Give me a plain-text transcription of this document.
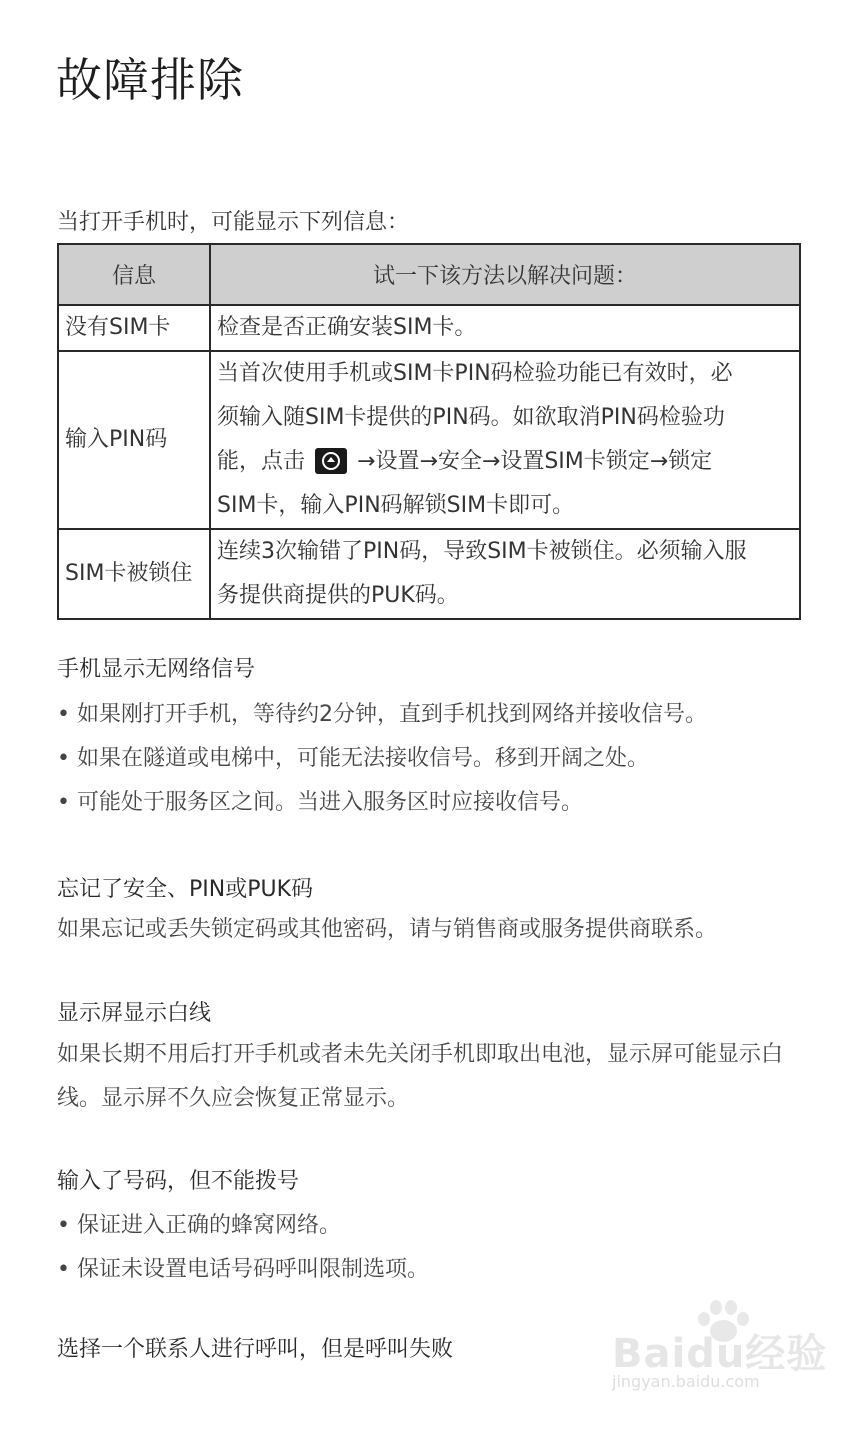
故障排除
当打开手机时，可能显示下列信息：
信息	试一下该方法以解决问题：
没有SIM卡	检查是否正确安装SIM卡。
输入PIN码	当首次使用手机或SIM卡PIN码检验功能已有效时，必
须输入随SIM卡提供的PIN码。如欲取消PIN码检验功
能，点击 →设置→安全→设置SIM卡锁定→锁定
SIM卡，输入PIN码解锁SIM卡即可。

SIM卡被锁住	连续3次输错了PIN码，导致SIM卡被锁住。必须输入服
务提供商提供的PUK码。
手机显示无网络信号
• 如果刚打开手机，等待约2分钟，直到手机找到网络并接收信号。
• 如果在隧道或电梯中，可能无法接收信号。移到开阔之处。
• 可能处于服务区之间。当进入服务区时应接收信号。
忘记了安全、PIN或PUK码
如果忘记或丢失锁定码或其他密码，请与销售商或服务提供商联系。
显示屏显示白线
如果长期不用后打开手机或者未先关闭手机即取出电池，显示屏可能显示白线。显示屏不久应会恢复正常显示。
输入了号码，但不能拨号
• 保证进入正确的蜂窝网络。
• 保证未设置电话号码呼叫限制选项。
选择一个联系人进行呼叫，但是呼叫失败	Baidu经验
jingyan.baidu.com
